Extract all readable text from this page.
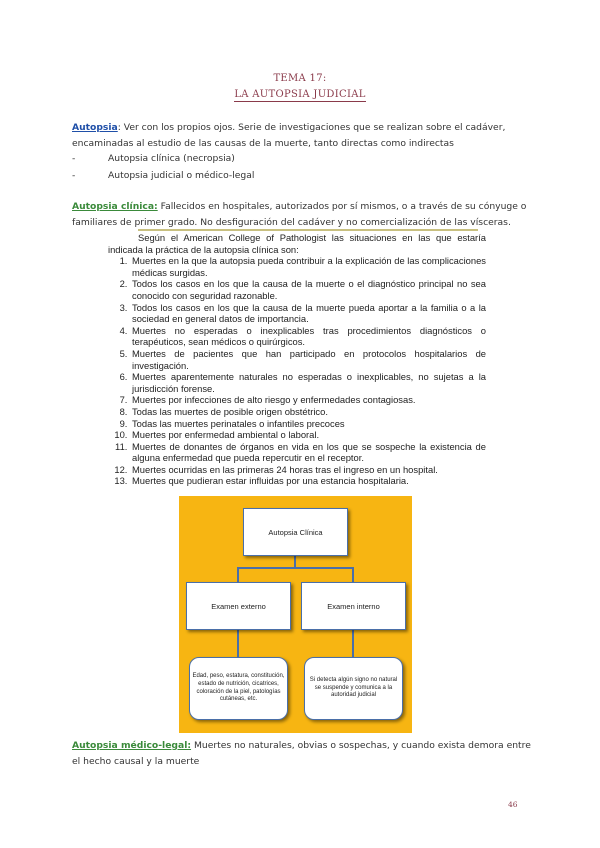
TEMA 17:
LA AUTOPSIA JUDICIAL
Autopsia: Ver con los propios ojos. Serie de investigaciones que se realizan sobre el cadáver, encaminadas al estudio de las causas de la muerte, tanto directas como indirectas
-	Autopsia clínica (necropsia)
-	Autopsia judicial o médico-legal
Autopsia clínica: Fallecidos en hospitales, autorizados por sí mismos, o a través de su cónyuge o familiares de primer grado. No desfiguración del cadáver y no comercialización de las vísceras.
Según el American College of Pathologist las situaciones en las que estaría indicada la práctica de la autopsia clínica son:
1. Muertes en la que la autopsia pueda contribuir a la explicación de las complicaciones médicas surgidas.
2. Todos los casos en los que la causa de la muerte o el diagnóstico principal no sea conocido con seguridad razonable.
3. Todos los casos en los que la causa de la muerte pueda aportar a la familia o a la sociedad en general datos de importancia.
4. Muertes no esperadas o inexplicables tras procedimientos diagnósticos o terapéuticos, sean médicos o quirúrgicos.
5. Muertes de pacientes que han participado en protocolos hospitalarios de investigación.
6. Muertes aparentemente naturales no esperadas o inexplicables, no sujetas a la jurisdicción forense.
7. Muertes por infecciones de alto riesgo y enfermedades contagiosas.
8. Todas las muertes de posible origen obstétrico.
9. Todas las muertes perinatales o infantiles precoces
10. Muertes por enfermedad ambiental o laboral.
11. Muertes de donantes de órganos en vida en los que se sospeche la existencia de alguna enfermedad que pueda repercutir en el receptor.
12. Muertes ocurridas en las primeras 24 horas tras el ingreso en un hospital.
13. Muertes que pudieran estar influidas por una estancia hospitalaria.
Autopsia Clínica
Examen externo	Examen interno
Edad, peso, estatura, constitución, estado de nutrición, cicatrices, coloración de la piel, patologías cutáneas, etc.
Si detecta algún signo no natural se suspende y comunica a la autoridad judicial
Autopsia médico-legal: Muertes no naturales, obvias o sospechas, y cuando exista demora entre el hecho causal y la muerte
46
